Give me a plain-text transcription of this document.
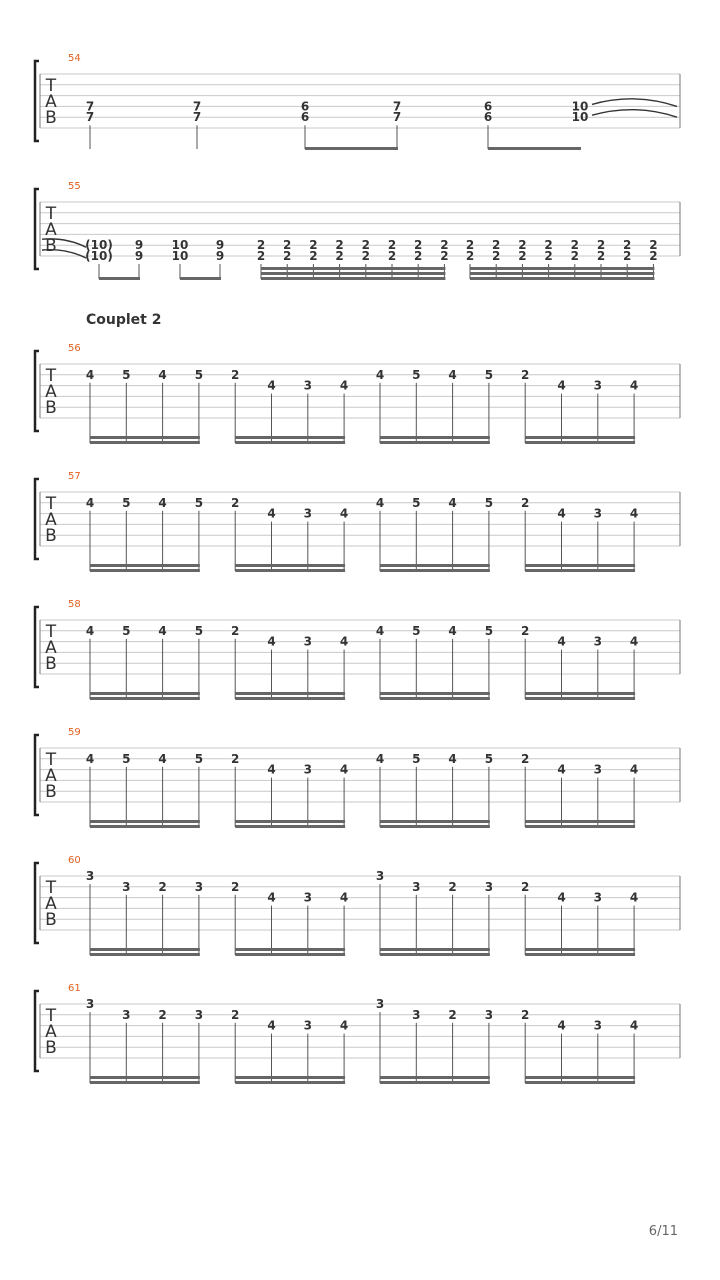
Couplet 2
T
A
B
54
7
7
7
7
6
6
7
7
6
6
10
10
T
A
B
55
(10)
(10)
9
9
10
10
9
9
2
2
2
2
2
2
2
2
2
2
2
2
2
2
2
2
2
2
2
2
2
2
2
2
2
2
2
2
2
2
2
2
T
A
B
56
4 5 4 5 2
4 3 4
4 5 4 5 2
4 3 4
T
A
B
57
4 5 4 5 2
4 3 4
4 5 4 5 2
4 3 4
T
A
B
58
4 5 4 5 2
4 3 4
4 5 4 5 2
4 3 4
T
A
B
59
4 5 4 5 2
4 3 4
4 5 4 5 2
4 3 4
T
A
B
60
3
3 2 3 2
4 3 4
3
3 2 3 2
4 3 4
T
A
B
61
3
3 2 3 2
4 3 4
3
3 2 3 2
4 3 4
6/11
